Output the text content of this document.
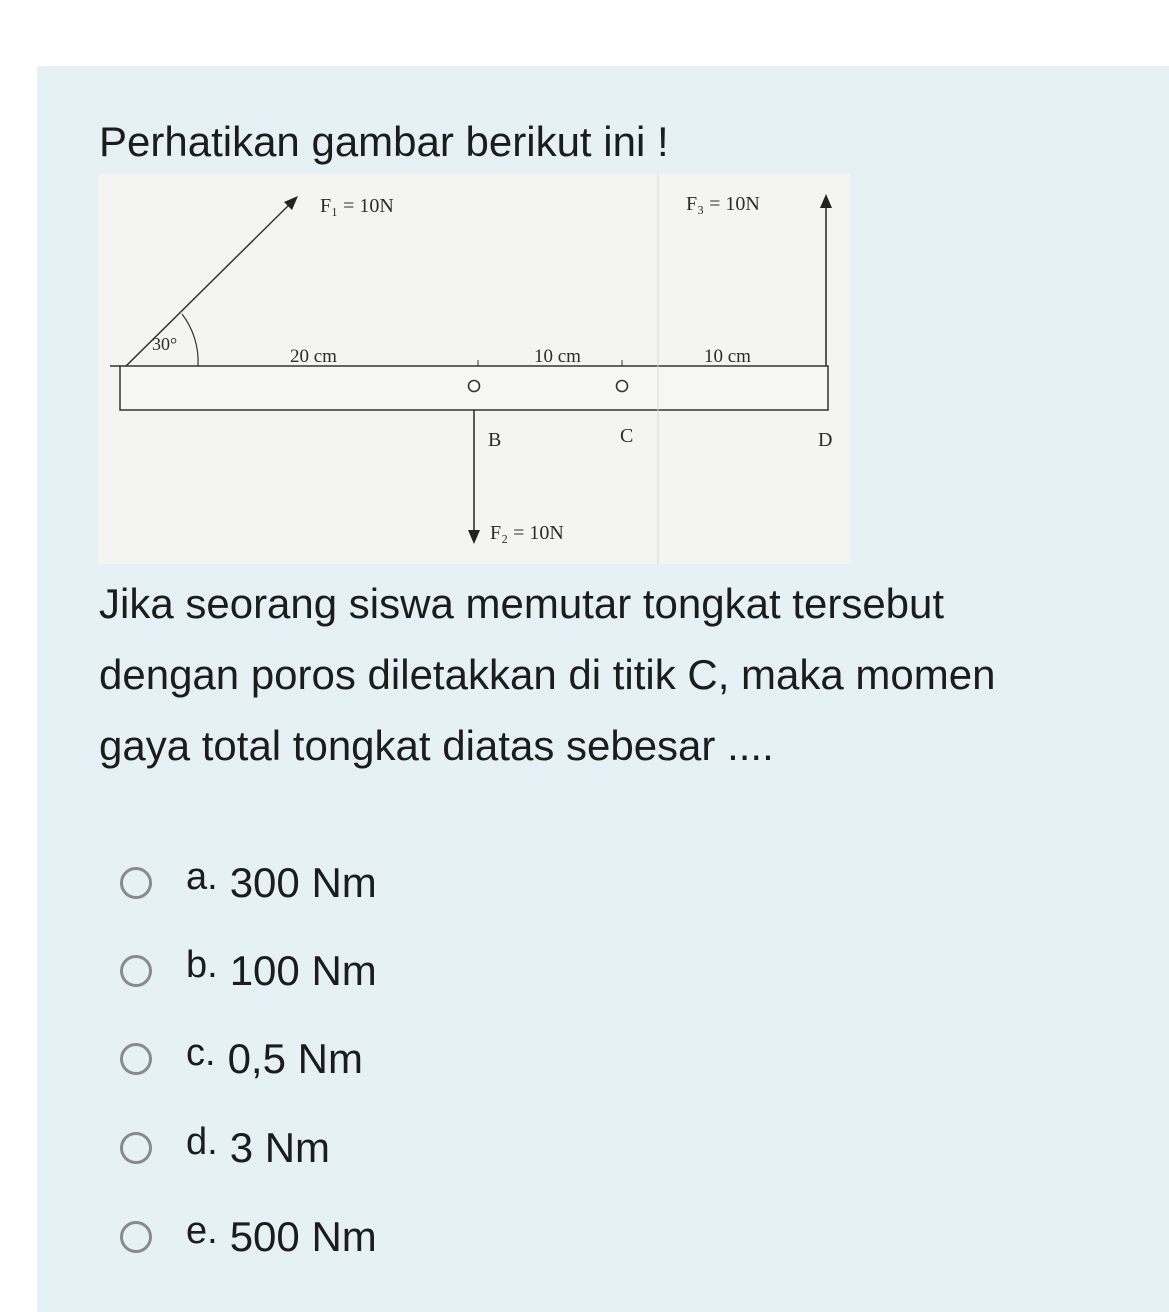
Perhatikan gambar berikut ini !
F₁ = 10N	F₃ = 10N
F₂ = 10N
30°
20 cm	10 cm	10 cm
B	C	D
Jika seorang siswa memutar tongkat tersebut
dengan poros diletakkan di titik C, maka momen
gaya total tongkat diatas sebesar ....
a. 300 Nm
b. 100 Nm
c. 0,5 Nm
d. 3 Nm
e. 500 Nm
